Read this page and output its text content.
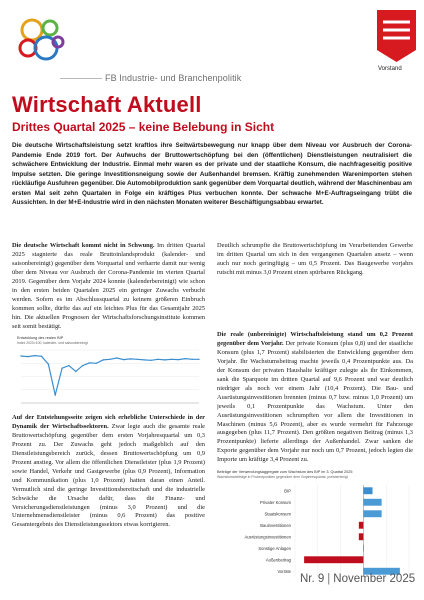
FB Industrie- und Branchenpolitik
Vorstand
Wirtschaft Aktuell
Drittes Quartal 2025 – keine Belebung in Sicht

Die deutsche Wirtschaftsleistung setzt kraftlos ihre Seitwärtsbewegung nur knapp über dem Niveau vor Ausbruch der Corona-Pandemie Ende 2019 fort. Der Aufwuchs der Bruttowertschöpfung bei den (öffentlichen) Dienstleistungen neutralisiert die schwächere Entwicklung der Industrie. Einmal mehr waren es der private und der staatliche Konsum, die nachfrageseitig positive Impulse setzten. Die geringe Investitionsneigung sowie der Außenhandel bremsen. Kräftig zunehmenden Warenimporten stehen rückläufige Ausfuhren gegenüber. Die Automobilproduktion sank gegenüber dem Vorquartal deutlich, während der Maschinenbau am ersten Mal seit zehn Quartalen in Folge ein kräftiges Plus verbuchen konnte. Der schwache M+E-Auftragseingang trübt die Aussichten. In der M+E-Industrie wird in den nächsten Monaten weiterer Beschäftigungsabbau erwartet.

Die deutsche Wirtschaft kommt nicht in Schwung. Im dritten Quartal 2025 stagnierte das reale Bruttoinlandsprodukt (kalender- und saisonbereinigt) gegenüber dem Vorquartal und verharrte damit nur wenig über dem Niveau vor Ausbruch der Corona-Pandemie im vierten Quartal 2019. Gegenüber dem Vorjahr 2024 konnte (kalenderbereinigt) wie schon in den ersten beiden Quartalen 2025 ein geringer Zuwachs verbucht werden. Sofern es im Abschlussquartal zu keinem größeren Einbruch kommen sollte, dürfte das auf ein leichtes Plus für das Gesamtjahr 2025 hin. Die aktuellen Prognosen der Wirtschaftsforschungsinstitute kommen seit somit bestätigt.
Entwicklung des realen BIP
Index 2020=100, kalender- und saisonbereinigt
Auf der Entstehungsseite zeigen sich erhebliche Unterschiede in der Dynamik der Wirtschaftssektoren. Zwar legte auch die gesamte reale Bruttowertschöpfung gegenüber dem ersten Vorjahresquartal um 0,3 Prozent zu. Der Zuwachs geht jedoch maßgeblich auf den Dienstleistungsbereich zurück, dessen Bruttowertschöpfung um 0,9 Prozent anstieg. Vor allem die öffentlichen Dienstleister (plus 1,9 Prozent) sowie Handel, Verkehr und Gastgewerbe (plus 0,9 Prozent), Information und Kommunikation (plus 1,0 Prozent) hatten daran einen Anteil. Vermutlich sind die geringe Investitionsbereitschaft und die industrielle Schwäche die Ursache dafür, dass die Finanz- und Versicherungsdienstleistungen (minus 3,0 Prozent) und die Unternehmensdienstleister (minus 0,6 Prozent) das positive Gesamtergebnis des Dienstleistungssektors etwas korrigieren.
Deutlich schrumpfte die Bruttowertschöpfung im Verarbeitenden Gewerbe im dritten Quartal um sich in den vergangenen Quartalen ansetz – wenn auch nur noch geringfügig – um 0,5 Prozent. Das Baugewerbe vorjahrs rutscht mit minus 3,0 Prozent einen spürbaren Rückgang.
Die reale (unbereinigte) Wirtschaftsleistung stand um 0,2 Prozent gegenüber dem Vorjahr. Der private Konsum (plus 0,8) und der staatliche Konsum (plus 1,7 Prozent) stabilisierten die Entwicklung gegenüber dem Vorjahr. Ihr Wachstumsbeitrag machte jeweils 0,4 Prozentpunkte aus. Da der Konsum der privaten Haushalte kräftiger zulegte als ihr Einkommen, sank die Sparquote im dritten Quartal auf 9,6 Prozent und war deutlich niedriger als noch vor einem Jahr (10,4 Prozent). Die Bau- und Ausrüstungsinvestitionen brennten (minus 0,7 bzw. minus 1,0 Prozent) um jeweils 0,1 Prozentpunkte das Wachstum. Unter den Ausrüstungsinvestitionen schrumpften vor allem die Investitionen in Maschinen (minus 5,6 Prozent), aber es wurde vermehrt für Fahrzeuge ausgegeben (plus 11,7 Prozent). Den größten negativen Beitrag (minus 1,3 Prozentpunkte) lieferte allerdings der Außenhandel. Zwar sanken die Exporte gegenüber dem Vorjahr nur noch um 0,7 Prozent, jedoch legten die Importe um kräftige 3,4 Prozent zu.
Beiträge der Verwendungsaggregate zum Wachstum des BIP im 3. Quartal 2025
Wachstumsbeiträge in Prozentpunkten gegenüber dem Vorjahresquartal, preisbereinigt
BIP
Privater Konsum
Staatskonsum
Bauinvestitionen
Ausrüstungsinvestitionen
Sonstige Anlagen
Außenbeitrag
Vorräte
Nr. 9 | November 2025
